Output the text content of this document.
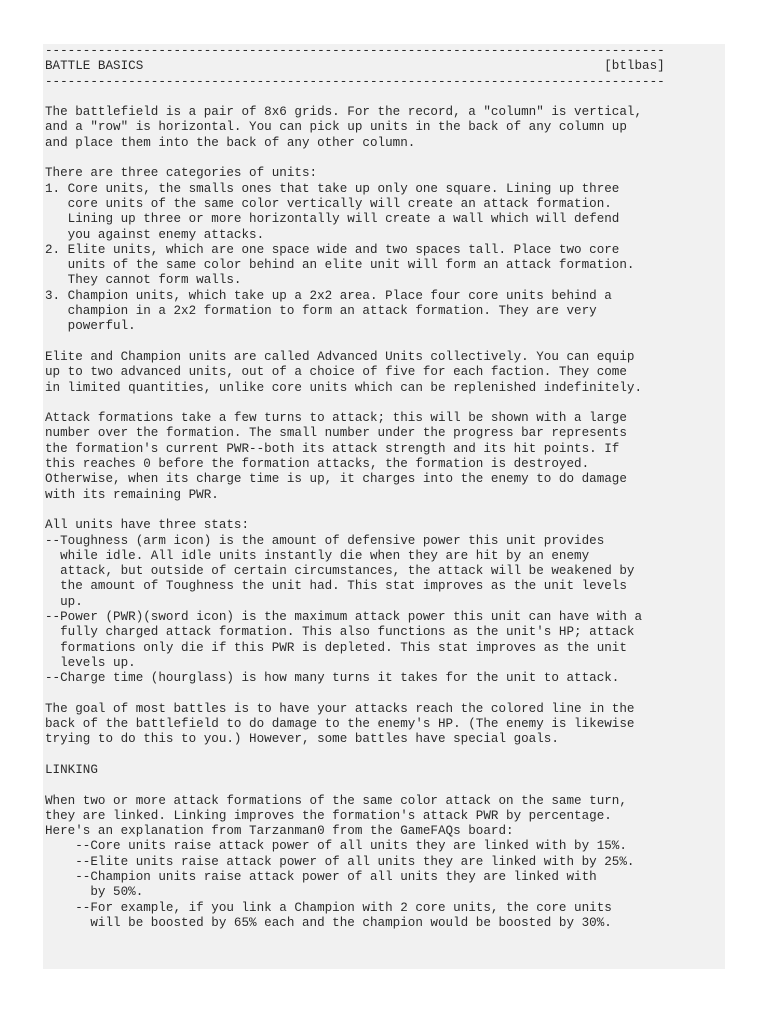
----------------------------------------------------------------------------------
BATTLE BASICS                                                             [btlbas]
----------------------------------------------------------------------------------

The battlefield is a pair of 8x6 grids. For the record, a "column" is vertical,
and a "row" is horizontal. You can pick up units in the back of any column up
and place them into the back of any other column.

There are three categories of units:
1. Core units, the smalls ones that take up only one square. Lining up three
core units of the same color vertically will create an attack formation.
Lining up three or more horizontally will create a wall which will defend
you against enemy attacks.
2. Elite units, which are one space wide and two spaces tall. Place two core
units of the same color behind an elite unit will form an attack formation.
They cannot form walls.
3. Champion units, which take up a 2x2 area. Place four core units behind a
champion in a 2x2 formation to form an attack formation. They are very
powerful.

Elite and Champion units are called Advanced Units collectively. You can equip
up to two advanced units, out of a choice of five for each faction. They come
in limited quantities, unlike core units which can be replenished indefinitely.

Attack formations take a few turns to attack; this will be shown with a large
number over the formation. The small number under the progress bar represents
the formation's current PWR--both its attack strength and its hit points. If
this reaches 0 before the formation attacks, the formation is destroyed.
Otherwise, when its charge time is up, it charges into the enemy to do damage
with its remaining PWR.

All units have three stats:
--Toughness (arm icon) is the amount of defensive power this unit provides
while idle. All idle units instantly die when they are hit by an enemy
attack, but outside of certain circumstances, the attack will be weakened by
the amount of Toughness the unit had. This stat improves as the unit levels
up.
--Power (PWR)(sword icon) is the maximum attack power this unit can have with a
fully charged attack formation. This also functions as the unit's HP; attack
formations only die if this PWR is depleted. This stat improves as the unit
levels up.
--Charge time (hourglass) is how many turns it takes for the unit to attack.

The goal of most battles is to have your attacks reach the colored line in the
back of the battlefield to do damage to the enemy's HP. (The enemy is likewise
trying to do this to you.) However, some battles have special goals.

LINKING

When two or more attack formations of the same color attack on the same turn,
they are linked. Linking improves the formation's attack PWR by percentage.
Here's an explanation from Tarzanman0 from the GameFAQs board:
--Core units raise attack power of all units they are linked with by 15%.
--Elite units raise attack power of all units they are linked with by 25%.
--Champion units raise attack power of all units they are linked with
by 50%.
--For example, if you link a Champion with 2 core units, the core units
will be boosted by 65% each and the champion would be boosted by 30%.
